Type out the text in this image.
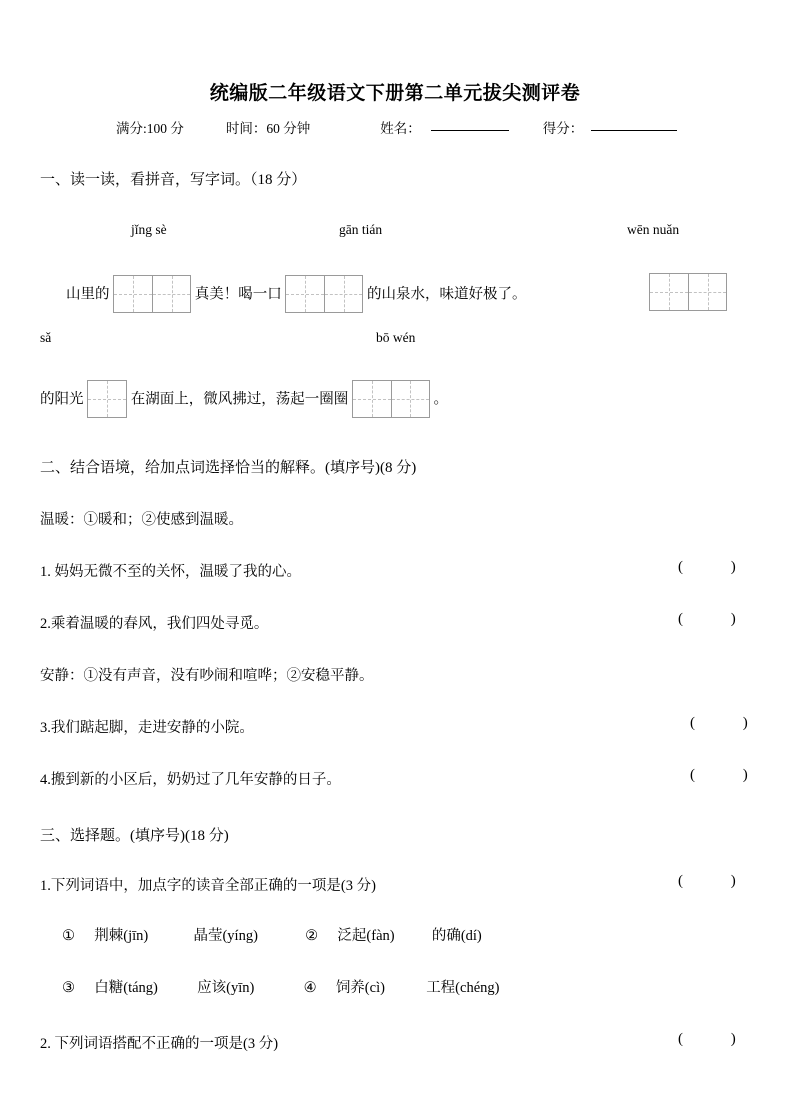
统编版二年级语文下册第二单元拔尖测评卷
满分:100 分	时间：60 分钟	姓名：	得分：
一、读一读，看拼音，写字词。（18 分）
jǐng sè	gān tián	wēn nuǎn
山里的	真美！喝一口	的山泉水，味道好极了。
sǎ	bō wén
的阳光	在湖面上，微风拂过，荡起一圈圈	。
二、结合语境，给加点词选择恰当的解释。(填序号)(8 分)
温暖：①暖和；②使感到温暖。
1. 妈妈无微不至的关怀，温暖了我的心。	( )
2.乘着温暖的春风，我们四处寻觅。	( )
安静：①没有声音，没有吵闹和喧哗；②安稳平静。
3.我们踮起脚，走进安静的小院。	( )
4.搬到新的小区后，奶奶过了几年安静的日子。	( )
三、选择题。(填序号)(18 分)
1.下列词语中，加点字的读音全部正确的一项是(3 分)	( )
① 荆棘(jīn)	晶莹(yíng)	② 泛起(fàn)	的确(dí)
③ 白糖(táng)	应该(yīn)	④ 饲养(cì)	工程(chéng)
2. 下列词语搭配不正确的一项是(3 分)	( )
